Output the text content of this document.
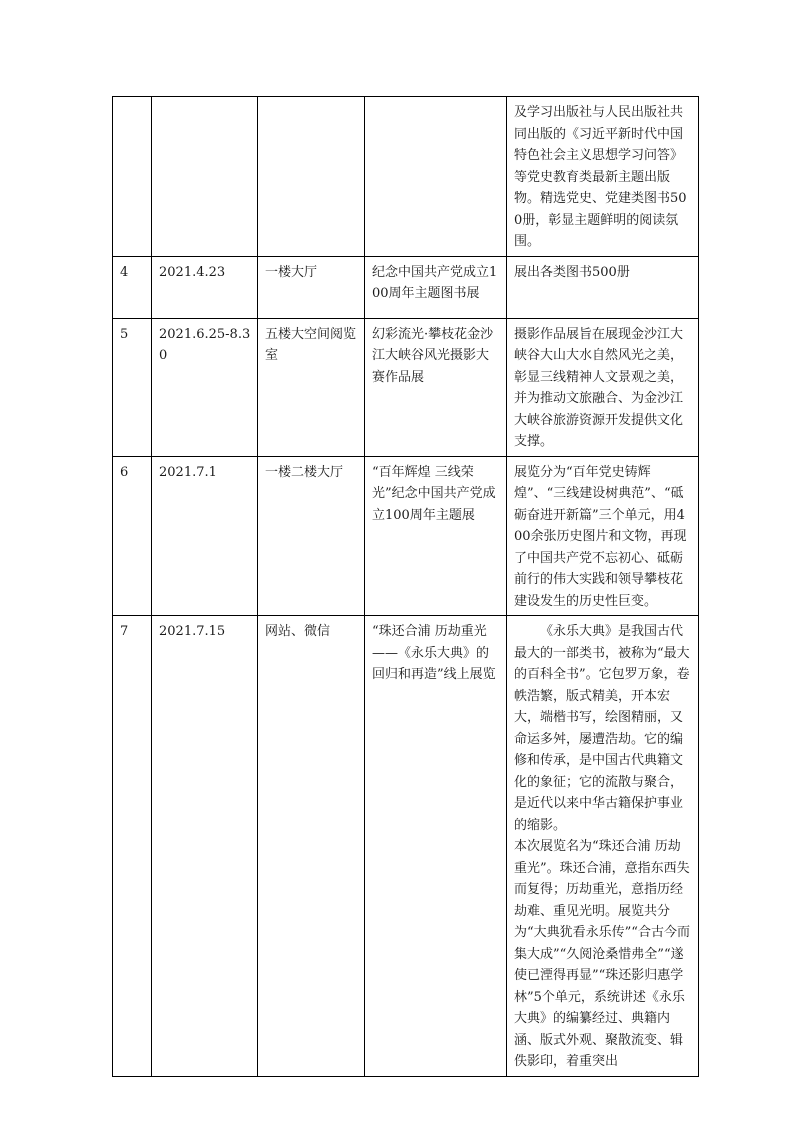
				及学习出版社与人民出版社共同出版的《习近平新时代中国特色社会主义思想学习问答》等党史教育类最新主题出版物。精选党史、党建类图书500册，彰显主题鲜明的阅读氛围。

4	2021.4.23	一楼大厅	纪念中国共产党成立100周年主题图书展	展出各类图书500册

5	2021.6.25-8.30	五楼大空间阅览室	幻彩流光·攀枝花金沙江大峡谷风光摄影大赛作品展	摄影作品展旨在展现金沙江大峡谷大山大水自然风光之美，彰显三线精神人文景观之美，并为推动文旅融合、为金沙江大峡谷旅游资源开发提供文化支撑。

6	2021.7.1	一楼二楼大厅	“百年辉煌 三线荣光”纪念中国共产党成立100周年主题展	展览分为“百年党史铸辉煌”、“三线建设树典范”、“砥砺奋进开新篇”三个单元，用400余张历史图片和文物，再现了中国共产党不忘初心、砥砺前行的伟大实践和领导攀枝花建设发生的历史性巨变。

7	2021.7.15	网站、微信	“珠还合浦 历劫重光——《永乐大典》的回归和再造”线上展览	《永乐大典》是我国古代最大的一部类书，被称为“最大的百科全书”。它包罗万象，卷帙浩繁，版式精美，开本宏大，端楷书写，绘图精丽，又命运多舛，屡遭浩劫。它的编修和传承，是中国古代典籍文化的象征；它的流散与聚合，是近代以来中华古籍保护事业的缩影。

本次展览名为“珠还合浦 历劫重光”。珠还合浦，意指东西失而复得；历劫重光，意指历经劫难、重见光明。展览共分为“大典犹看永乐传”“合古今而集大成”“久阅沧桑惜弗全”“遂使已湮得再显”“珠还影归惠学林”5个单元，系统讲述《永乐大典》的编纂经过、典籍内涵、版式外观、聚散流变、辑佚影印，着重突出
